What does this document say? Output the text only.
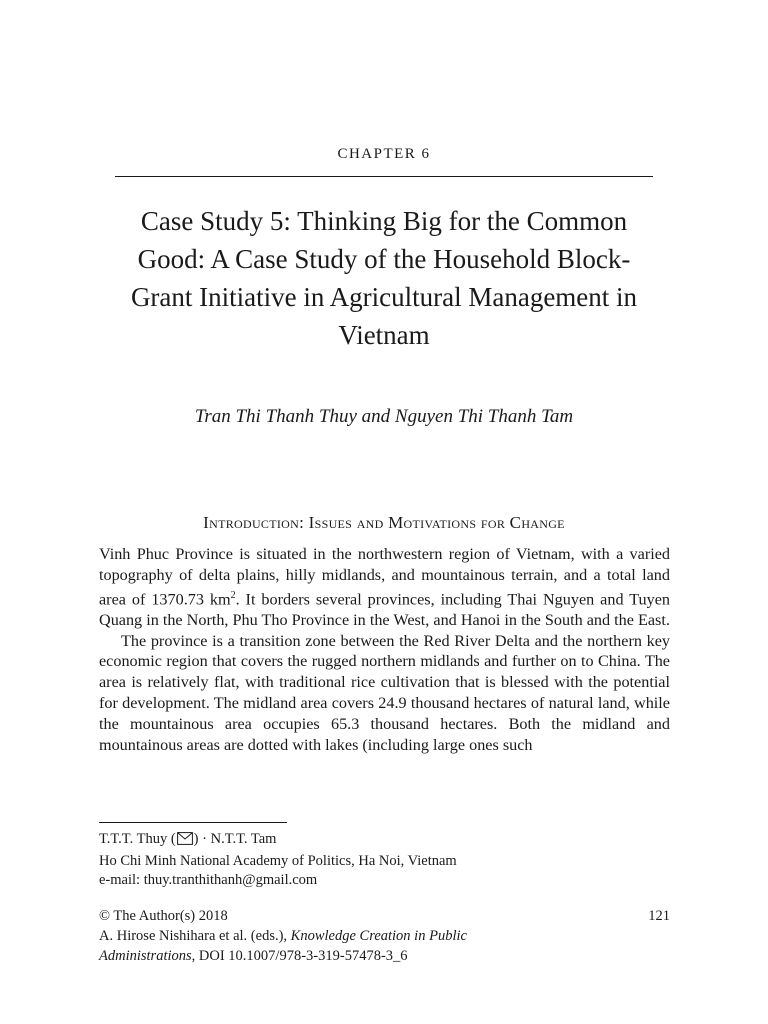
CHAPTER 6
Case Study 5: Thinking Big for the Common Good: A Case Study of the Household Block-Grant Initiative in Agricultural Management in Vietnam
Tran Thi Thanh Thuy and Nguyen Thi Thanh Tam
Introduction: Issues and Motivations for Change

Vinh Phuc Province is situated in the northwestern region of Vietnam, with a varied topography of delta plains, hilly midlands, and mountainous terrain, and a total land area of 1370.73 $km^2$. It borders several provinces, including Thai Nguyen and Tuyen Quang in the North, Phu Tho Province in the West, and Hanoi in the South and the East.

The province is a transition zone between the Red River Delta and the northern key economic region that covers the rugged northern midlands and further on to China. The area is relatively flat, with traditional rice cultivation that is blessed with the potential for development. The midland area covers 24.9 thousand hectares of natural land, while the mountainous area occupies 65.3 thousand hectares. Both the midland and mountainous areas are dotted with lakes (including large ones such

T.T.T. Thuy ( ) · N.T.T. Tam
Ho Chi Minh National Academy of Politics, Ha Noi, Vietnam
e-mail: thuy.tranthithanh@gmail.com
© The Author(s) 2018	121
A. Hirose Nishihara et al. (eds.), Knowledge Creation in Public
Administrations, DOI 10.1007/978-3-319-57478-3_6
